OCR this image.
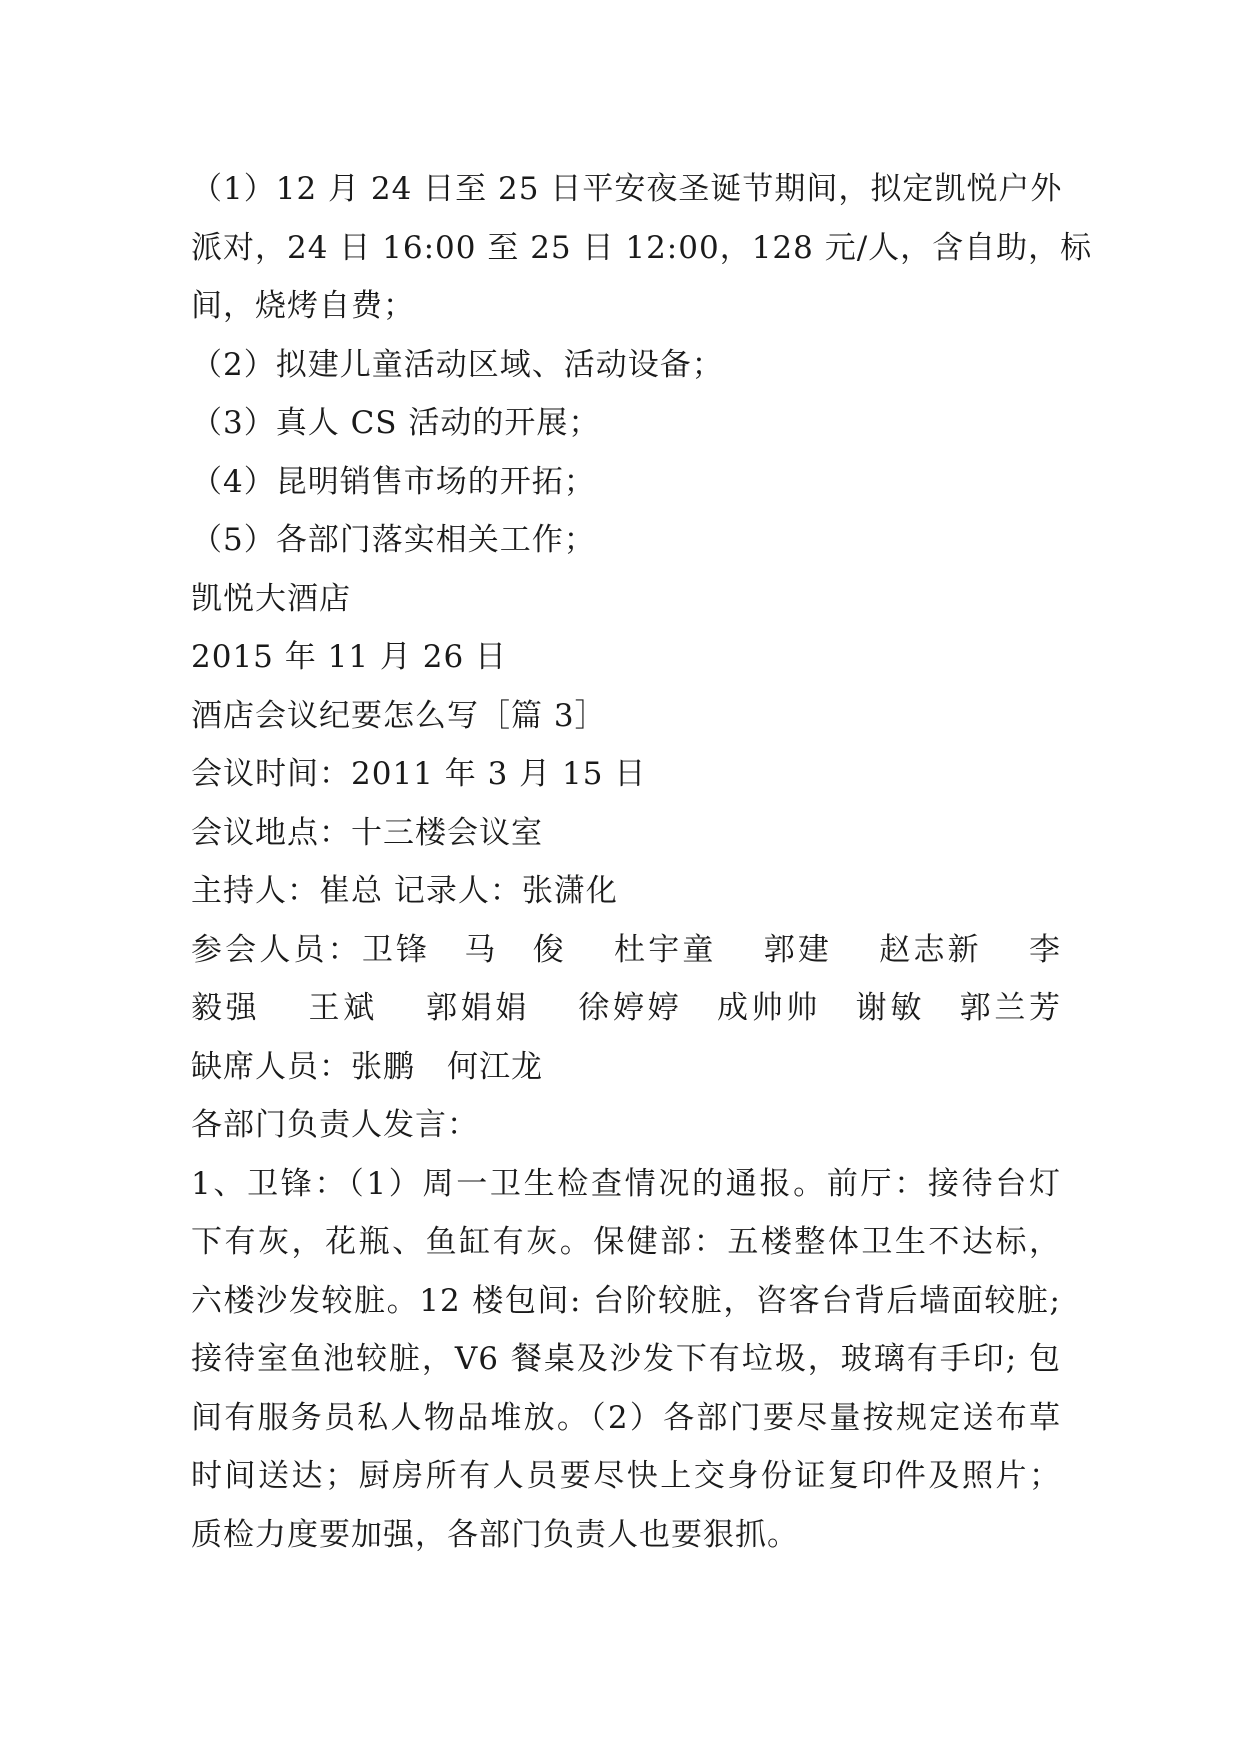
（1）12 月 24 日至 25 日平安夜圣诞节期间，拟定凯悦户外
派对，24 日 16:00 至 25 日 12:00，128 元/人，含自助，标
间，烧烤自费；
（2）拟建儿童活动区域、活动设备；
（3）真人 CS 活动的开展；
（4）昆明销售市场的开拓；
（5）各部门落实相关工作；
凯悦大酒店
2015 年 11 月 26 日
酒店会议纪要怎么写［篇 3］
会议时间：2011 年 3 月 15 日
会议地点：十三楼会议室
主持人：崔总 记录人：张潇化
参会人员：卫锋　马　俊　 杜宇童　 郭建　 赵志新　 李
毅强　 王斌　 郭娟娟　 徐婷婷　成帅帅　谢敏　郭兰芳
缺席人员：张鹏　何江龙
各部门负责人发言：
1、卫锋：（1）周一卫生检查情况的通报。前厅：接待台灯
下有灰，花瓶、鱼缸有灰。保健部：五楼整体卫生不达标，
六楼沙发较脏。12 楼包间: 台阶较脏，咨客台背后墙面较脏;
接待室鱼池较脏，V6 餐桌及沙发下有垃圾，玻璃有手印; 包
间有服务员私人物品堆放。（2）各部门要尽量按规定送布草
时间送达；厨房所有人员要尽快上交身份证复印件及照片；
质检力度要加强，各部门负责人也要狠抓。
